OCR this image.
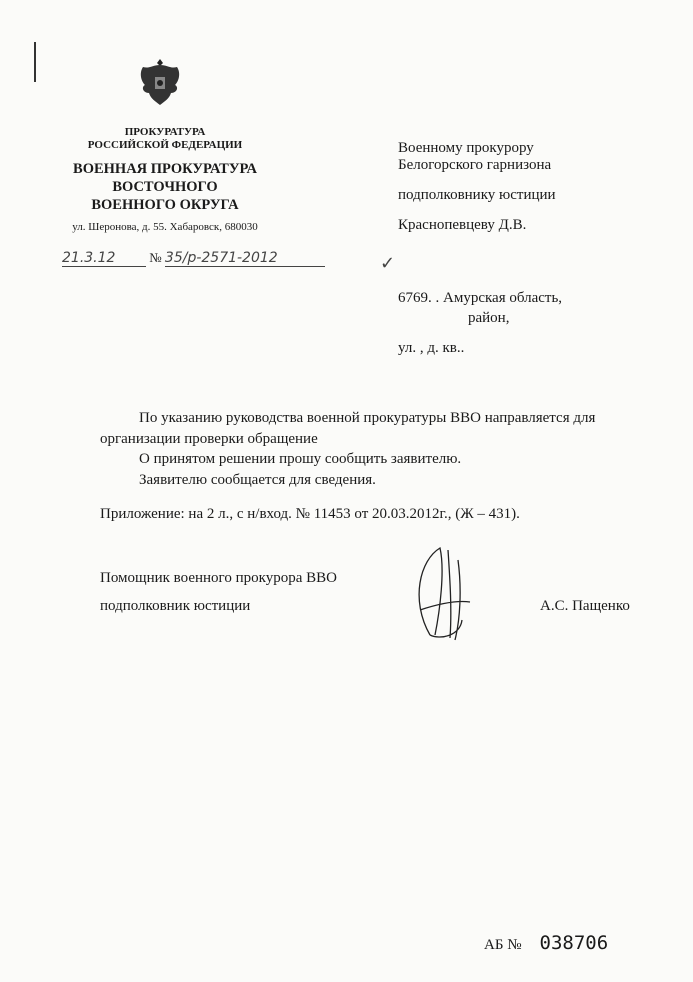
ПРОКУРАТУРА
РОССИЙСКОЙ ФЕДЕРАЦИИ
ВОЕННАЯ ПРОКУРАТУРА
ВОСТОЧНОГО
ВОЕННОГО ОКРУГА
ул. Шеронова, д. 55. Хабаровск, 680030
21.3.12	№ 35/р-2571-2012
Военному прокурору
Белогорского гарнизона
подполковнику юстиции
Краснопевцеву Д.В.
✓
6769. . Амурская область,
район,
ул. , д. кв..
По указанию руководства военной прокуратуры ВВО направляется для
организации проверки обращение
О принятом решении прошу сообщить заявителю.
Заявителю сообщается для сведения.
Приложение: на 2 л., с н/вход. № 11453 от 20.03.2012г., (Ж – 431).
Помощник военного прокурора ВВО
подполковник юстиции	А.С. Пащенко
АБ № 038706
